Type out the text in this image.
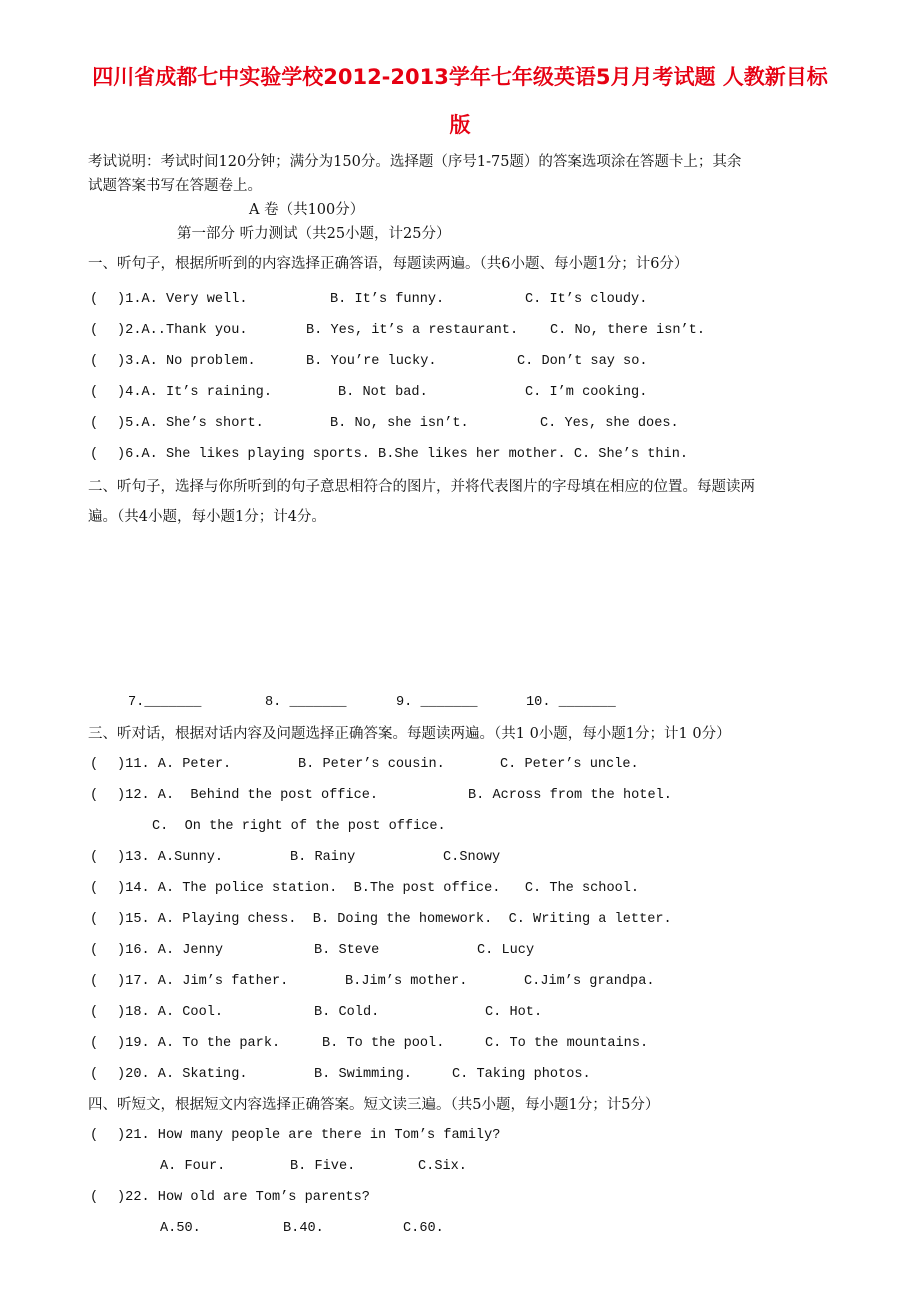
四川省成都七中实验学校2012-2013学年七年级英语5月月考试题 人教新目标
版
考试说明：考试时间120分钟；满分为150分。选择题（序号1-75题）的答案选项涂在答题卡上；其余
试题答案书写在答题卷上。
A 卷（共100分）
第一部分 听力测试（共25小题，计25分）
一、听句子，根据所听到的内容选择正确答语，每题读两遍。（共6小题、每小题1分；计6分）
( )1.A. Very well.	B. It’s funny.	C. It’s cloudy.
( )2.A..Thank you.	B. Yes, it’s a restaurant. C. No, there isn’t.
( )3.A. No problem.	B. You’re lucky.	C. Don’t say so.
( )4.A. It’s raining.	B. Not bad.	C. I’m cooking.
( )5.A. She’s short.	B. No, she isn’t.	C. Yes, she does.
( )6.A. She likes playing sports. B.She likes her mother. C. She’s thin.
二、听句子，选择与你所听到的句子意思相符合的图片，并将代表图片的字母填在相应的位置。每题读两
遍。（共4小题，每小题1分；计4分。
7._______	8. _______	9. _______	10. _______
三、听对话，根据对话内容及问题选择正确答案。每题读两遍。（共1 0小题，每小题1分；计1 0分）
( )11. A. Peter.	B. Peter’s cousin.	C. Peter’s uncle.
( )12. A.  Behind the post office.	B. Across from the hotel.
C.  On the right of the post office.
( )13. A.Sunny.	B. Rainy	C.Snowy
( )14. A. The police station.  B.The post office.   C. The school.
( )15. A. Playing chess.  B. Doing the homework.  C. Writing a letter.
( )16. A. Jenny	B. Steve	C. Lucy
( )17. A. Jim’s father.	B.Jim’s mother.	C.Jim’s grandpa.
( )18. A. Cool.	B. Cold.	C. Hot.
( )19. A. To the park.	B. To the pool.	C. To the mountains.
( )20. A. Skating.	B. Swimming.	C. Taking photos.
四、听短文，根据短文内容选择正确答案。短文读三遍。（共5小题，每小题1分；计5分）
( )21. How many people are there in Tom’s family?
A. Four.	B. Five.	C.Six.
( )22. How old are Tom’s parents?
A.50.	B.40.	C.60.
